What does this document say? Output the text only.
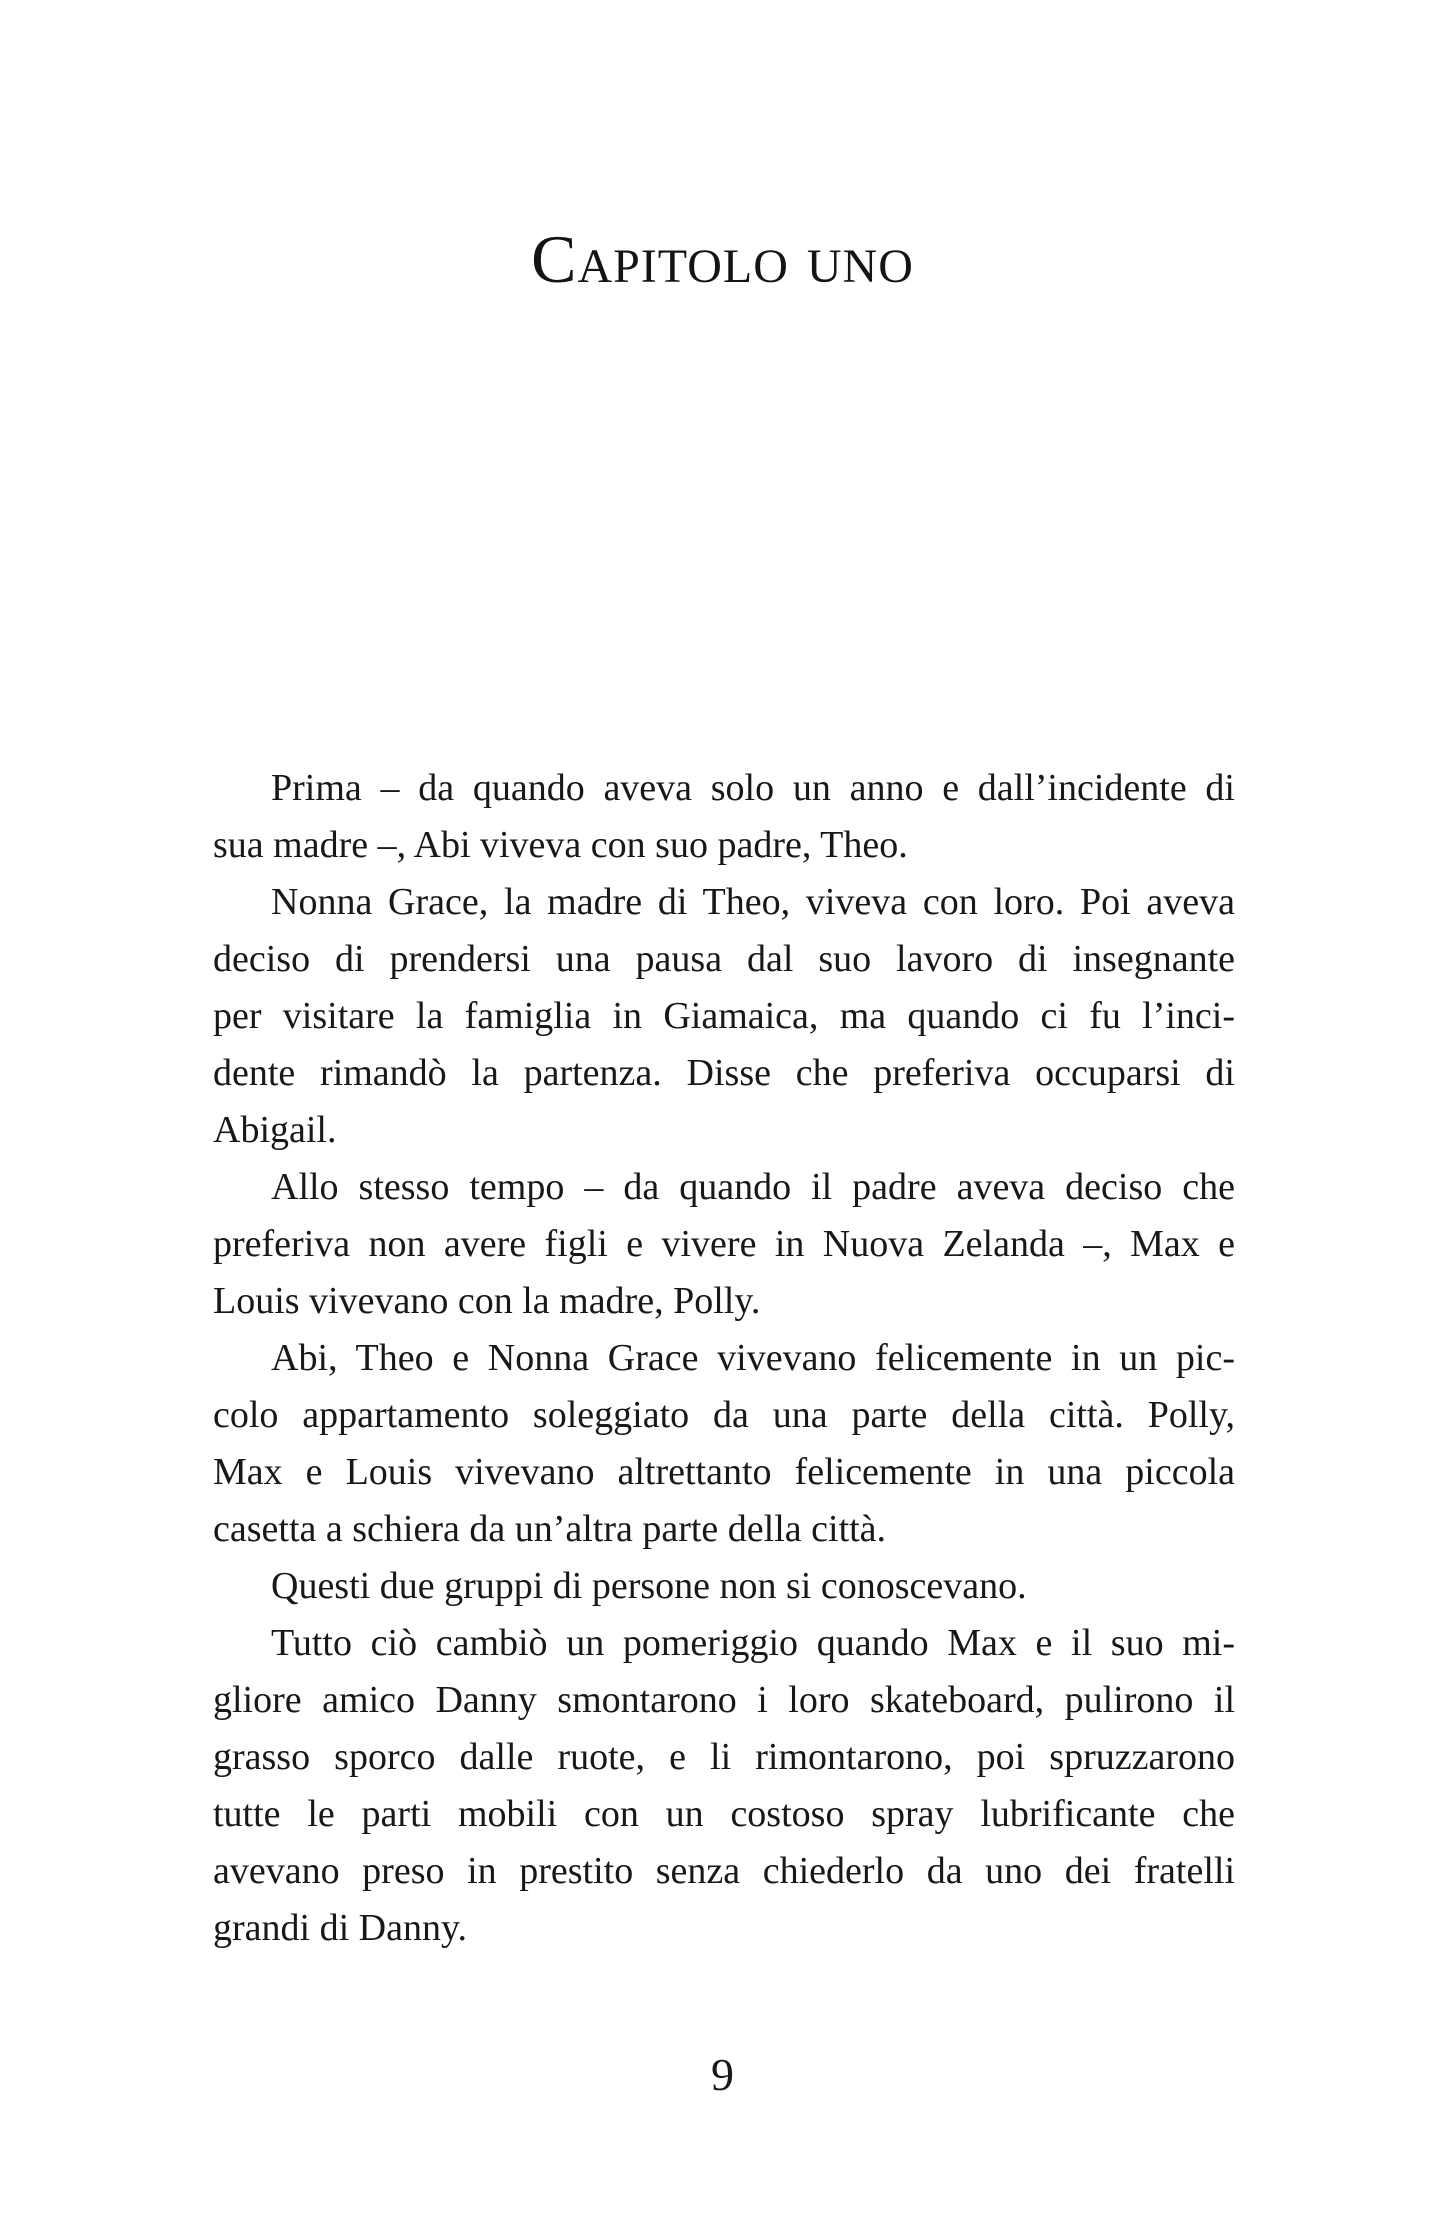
Capitolo uno
Prima – da quando aveva solo un anno e dall’incidente di
sua madre –, Abi viveva con suo padre, Theo.
Nonna Grace, la madre di Theo, viveva con loro. Poi aveva
deciso di prendersi una pausa dal suo lavoro di insegnante
per visitare la famiglia in Giamaica, ma quando ci fu l’inci-
dente rimandò la partenza. Disse che preferiva occuparsi di
Abigail.
Allo stesso tempo – da quando il padre aveva deciso che
preferiva non avere figli e vivere in Nuova Zelanda –, Max e
Louis vivevano con la madre, Polly.
Abi, Theo e Nonna Grace vivevano felicemente in un pic-
colo appartamento soleggiato da una parte della città. Polly,
Max e Louis vivevano altrettanto felicemente in una piccola
casetta a schiera da un’altra parte della città.
Questi due gruppi di persone non si conoscevano.
Tutto ciò cambiò un pomeriggio quando Max e il suo mi-
gliore amico Danny smontarono i loro skateboard, pulirono il
grasso sporco dalle ruote, e li rimontarono, poi spruzzarono
tutte le parti mobili con un costoso spray lubrificante che
avevano preso in prestito senza chiederlo da uno dei fratelli
grandi di Danny.
9
